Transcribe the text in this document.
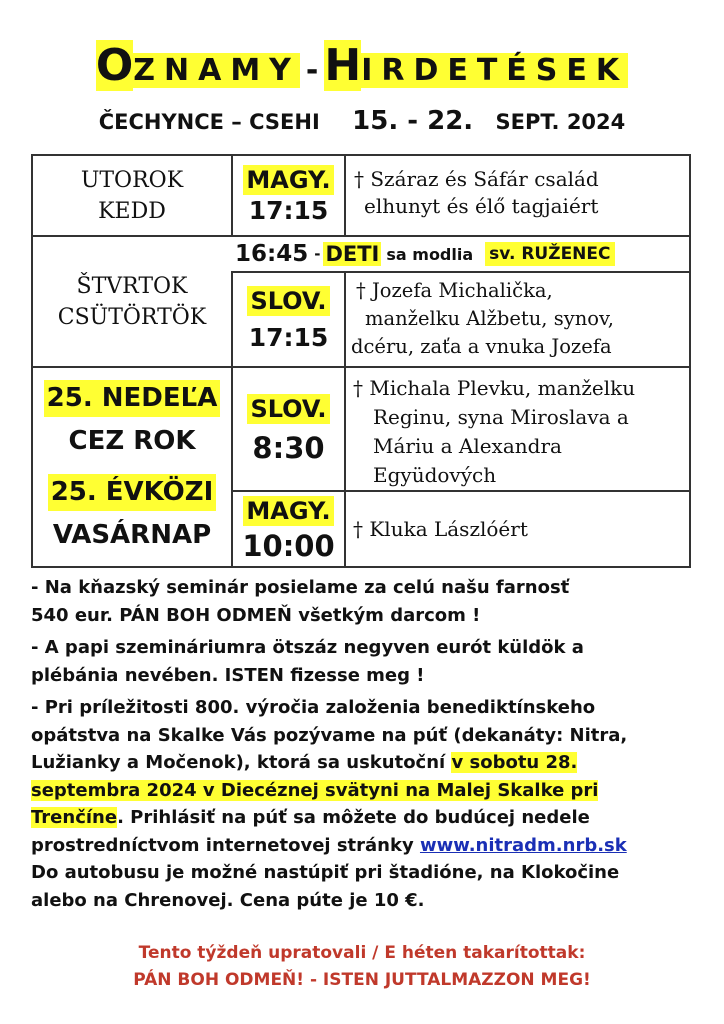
OZNAMY - HIRDETÉSEK
ČECHYNCE – CSEHI 15. - 22. SEPT. 2024
UTOROK
KEDD
MAGY.
17:15
† Száraz és Sáfár család
elhunyt és élő tagjaiért
ŠTVRTOK
CSÜTÖRTÖK
16:45 - DETI sa modlia sv. RUŽENEC
SLOV.
17:15
† Jozefa Michalička,
manželku Alžbetu, synov,
dcéru, zaťa a vnuka Jozefa
25. NEDEĽA
CEZ ROK
25. ÉVKÖZI
VASÁRNAP
SLOV.
8:30
† Michala Plevku, manželku
Reginu, syna Miroslava a
Máriu a Alexandra
Együdových
MAGY.
10:00 † Kluka Lászlóért
- Na kňazský seminár posielame za celú našu farnosť
540 eur. PÁN BOH ODMEŇ všetkým darcom !
- A papi szemináriumra ötszáz negyven eurót küldök a
plébánia nevében. ISTEN fizesse meg !
- Pri príležitosti 800. výročia založenia benediktínskeho
opátstva na Skalke Vás pozývame na púť (dekanáty: Nitra,
Lužianky a Močenok), ktorá sa uskutoční v sobotu 28.
septembra 2024 v Diecéznej svätyni na Malej Skalke pri
Trenčíne. Prihlásiť na púť sa môžete do budúcej nedele
prostredníctvom internetovej stránky www.nitradm.nrb.sk
Do autobusu je možné nastúpiť pri štadióne, na Klokočine
alebo na Chrenovej. Cena púte je 10 €.
Tento týždeň upratovali / E héten takarítottak:
PÁN BOH ODMEŇ! - ISTEN JUTTALMAZZON MEG!
